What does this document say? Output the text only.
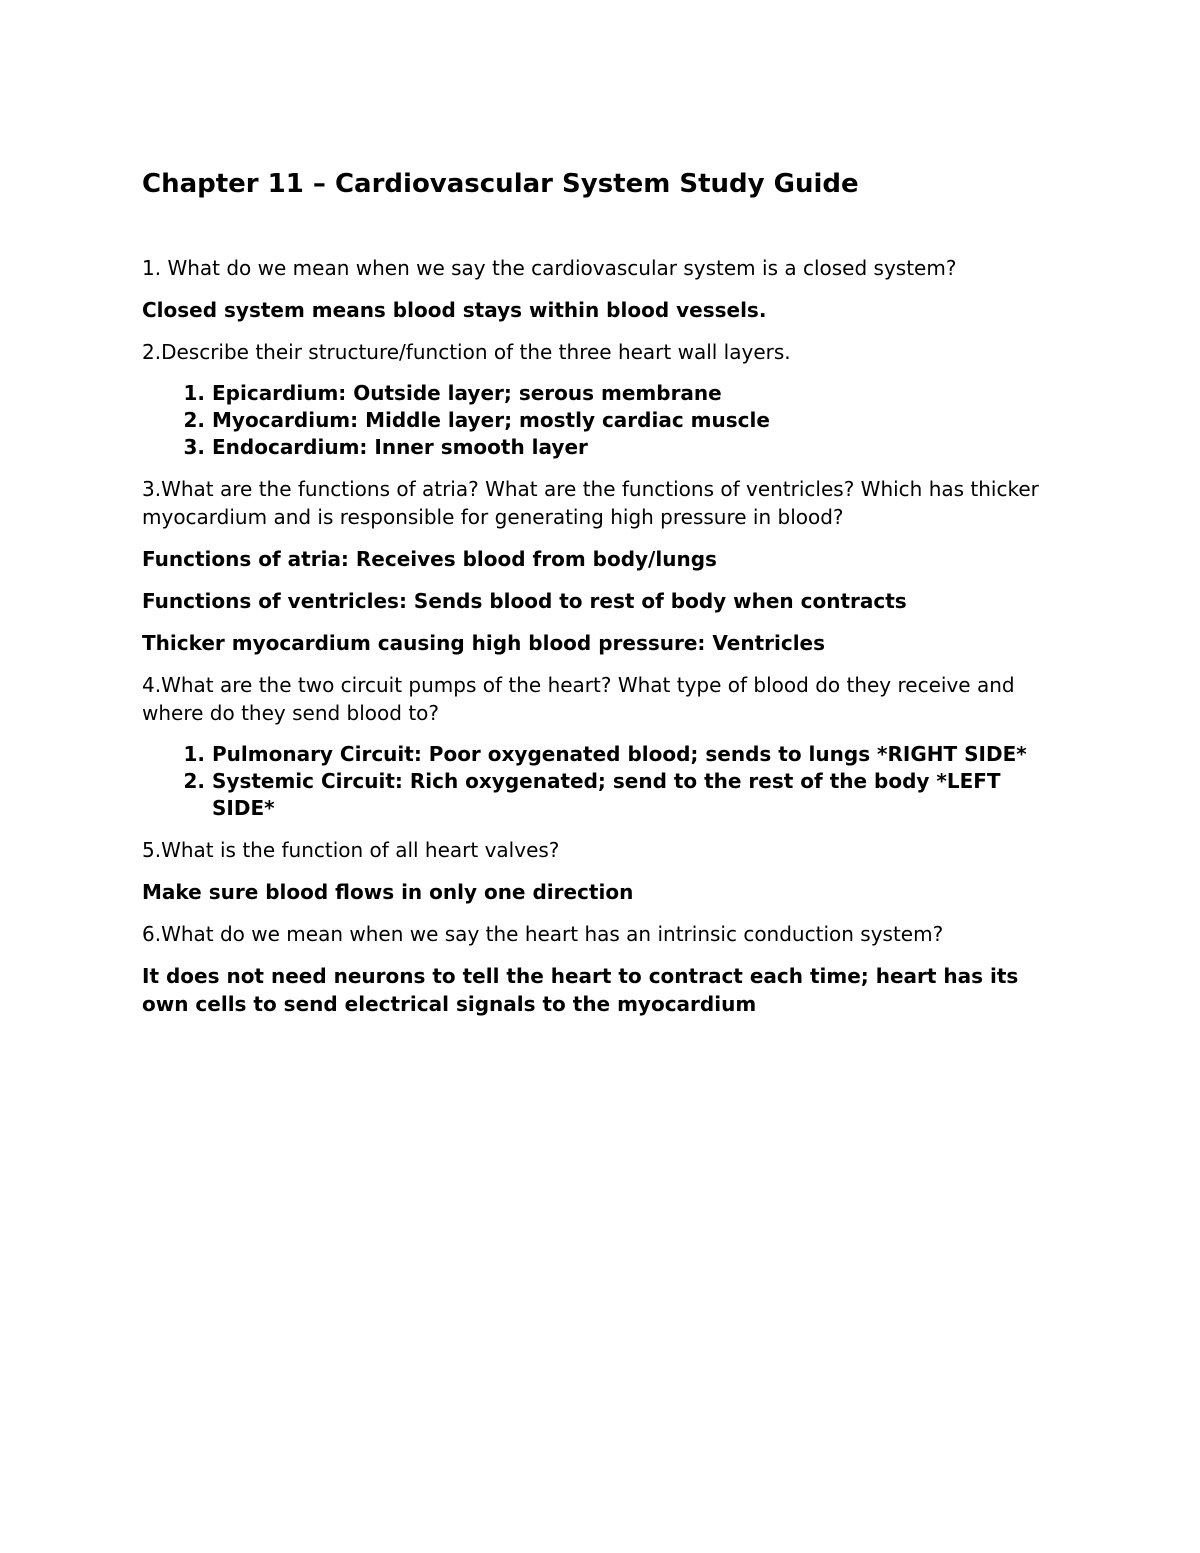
Chapter 11 – Cardiovascular System Study Guide

1. What do we mean when we say the cardiovascular system is a closed system?

Closed system means blood stays within blood vessels.

2.Describe their structure/function of the three heart wall layers.

1. Epicardium: Outside layer; serous membrane
2. Myocardium: Middle layer; mostly cardiac muscle
3. Endocardium: Inner smooth layer

3.What are the functions of atria? What are the functions of ventricles? Which has thicker myocardium and is responsible for generating high pressure in blood?

Functions of atria: Receives blood from body/lungs

Functions of ventricles: Sends blood to rest of body when contracts

Thicker myocardium causing high blood pressure: Ventricles

4.What are the two circuit pumps of the heart? What type of blood do they receive and where do they send blood to?

1. Pulmonary Circuit: Poor oxygenated blood; sends to lungs *RIGHT SIDE*
2. Systemic Circuit: Rich oxygenated; send to the rest of the body *LEFT SIDE*

5.What is the function of all heart valves?

Make sure blood flows in only one direction

6.What do we mean when we say the heart has an intrinsic conduction system?

It does not need neurons to tell the heart to contract each time; heart has its own cells to send electrical signals to the myocardium
